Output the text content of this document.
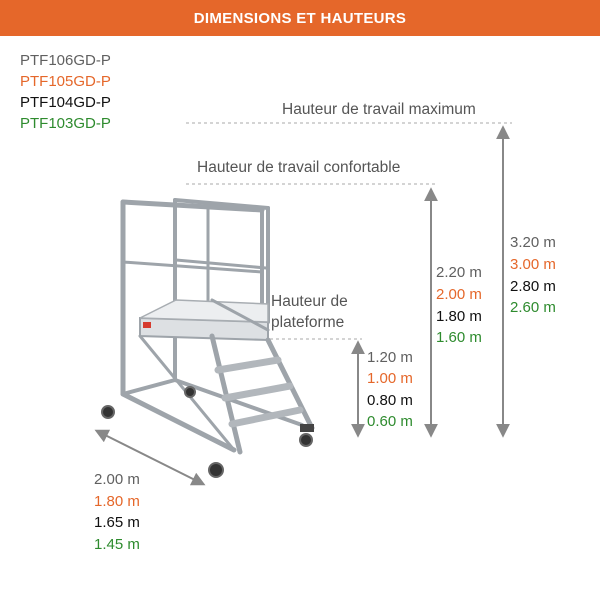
DIMENSIONS ET HAUTEURS
PTF106GD-P
PTF105GD-P
PTF104GD-P
PTF103GD-P
Hauteur de travail maximum
Hauteur de travail confortable
Hauteur de
plateforme
3.20 m
3.00 m
2.80 m
2.60 m
2.20 m
2.00 m
1.80 m
1.60 m
1.20 m
1.00 m
0.80 m
0.60 m
2.00 m
1.80 m
1.65 m
1.45 m
